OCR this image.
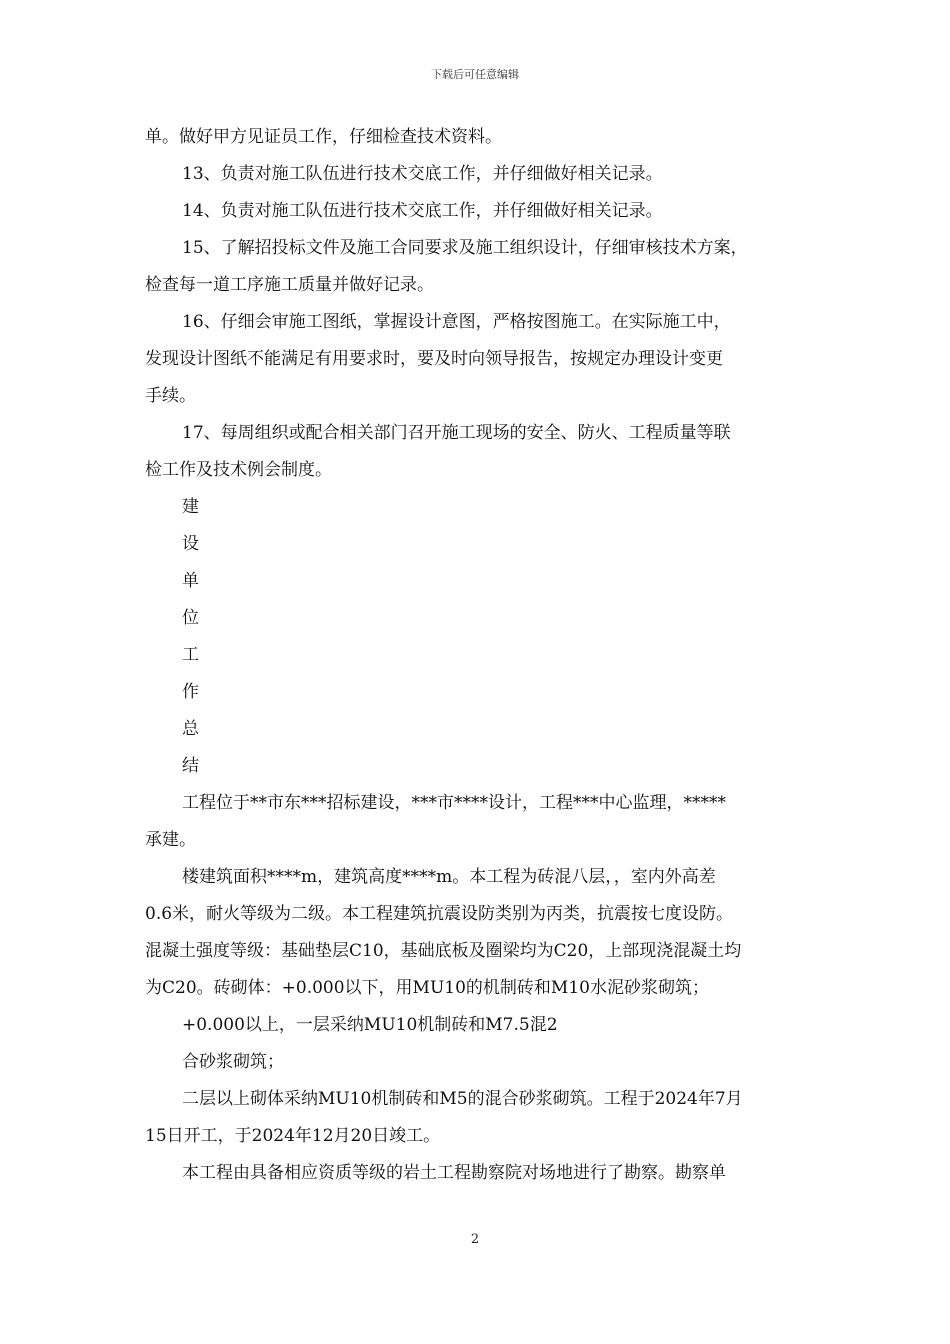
下载后可任意编辑

单。做好甲方见证员工作，仔细检查技术资料。

13、负责对施工队伍进行技术交底工作，并仔细做好相关记录。

14、负责对施工队伍进行技术交底工作，并仔细做好相关记录。

15、了解招投标文件及施工合同要求及施工组织设计，仔细审核技术方案，

检查每一道工序施工质量并做好记录。

16、仔细会审施工图纸，掌握设计意图，严格按图施工。在实际施工中，

发现设计图纸不能满足有用要求时，要及时向领导报告，按规定办理设计变更

手续。

17、每周组织或配合相关部门召开施工现场的安全、防火、工程质量等联

检工作及技术例会制度。

建
设
单
位
工
作
总
结

工程位于**市东***招标建设，***市****设计，工程***中心监理，*****

承建。

楼建筑面积****m，建筑高度****m。本工程为砖混八层，，室内外高差

0.6米，耐火等级为二级。本工程建筑抗震设防类别为丙类，抗震按七度设防。

混凝土强度等级：基础垫层C10，基础底板及圈梁均为C20，上部现浇混凝土均

为C20。砖砌体：+0.000以下，用MU10的机制砖和M10水泥砂浆砌筑；

+0.000以上，一层采纳MU10机制砖和M7.5混2

合砂浆砌筑；

二层以上砌体采纳MU10机制砖和M5的混合砂浆砌筑。工程于2024年7月

15日开工，于2024年12月20日竣工。

本工程由具备相应资质等级的岩土工程勘察院对场地进行了勘察。勘察单

2
